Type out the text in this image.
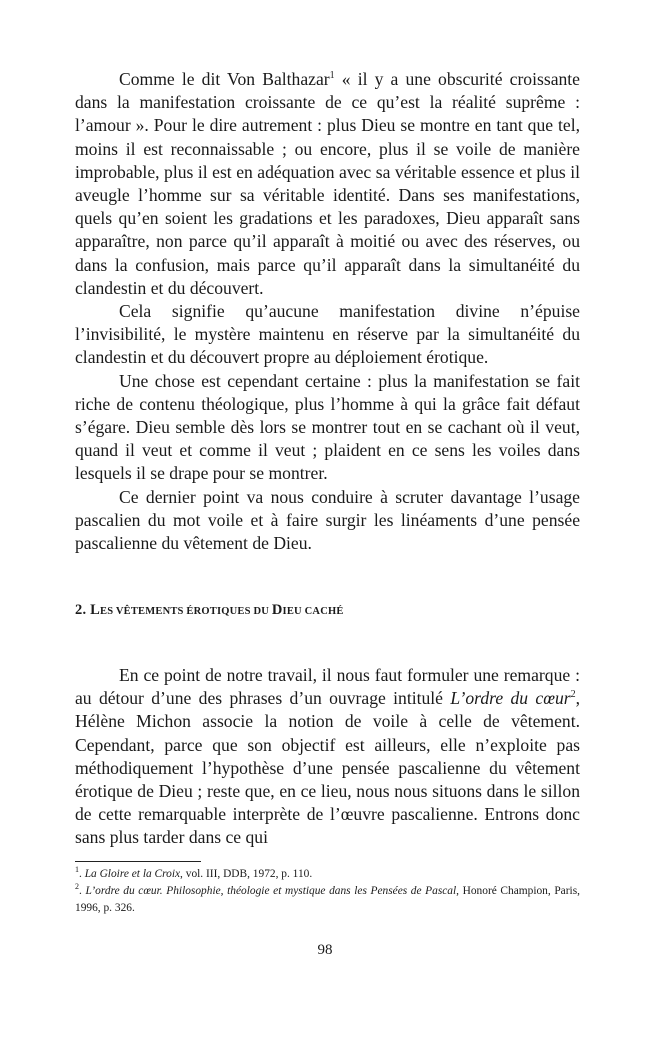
Comme le dit Von Balthazar$^1$ « il y a une obscurité croissante dans la manifestation croissante de ce qu’est la réalité suprême : l’amour ». Pour le dire autrement : plus Dieu se montre en tant que tel, moins il est reconnaissable ; ou encore, plus il se voile de manière improbable, plus il est en adéquation avec sa véritable essence et plus il aveugle l’homme sur sa véritable identité. Dans ses manifestations, quels qu’en soient les gradations et les paradoxes, Dieu apparaît sans apparaître, non parce qu’il apparaît à moitié ou avec des réserves, ou dans la confusion, mais parce qu’il apparaît dans la simultanéité du clandestin et du découvert.

Cela signifie qu’aucune manifestation divine n’épuise l’invisibilité, le mystère maintenu en réserve par la simultanéité du clandestin et du découvert propre au déploiement érotique.

Une chose est cependant certaine : plus la manifestation se fait riche de contenu théologique, plus l’homme à qui la grâce fait défaut s’égare. Dieu semble dès lors se montrer tout en se cachant où il veut, quand il veut et comme il veut ; plaident en ce sens les voiles dans lesquels il se drape pour se montrer.

Ce dernier point va nous conduire à scruter davantage l’usage pascalien du mot voile et à faire surgir les linéaments d’une pensée pascalienne du vêtement de Dieu.

2. LES VÊTEMENTS ÉROTIQUES DU DIEU CACHÉ

En ce point de notre travail, il nous faut formuler une remarque : au détour d’une des phrases d’un ouvrage intitulé L’ordre du cœur$^2$, Hélène Michon associe la notion de voile à celle de vêtement. Cependant, parce que son objectif est ailleurs, elle n’exploite pas méthodiquement l’hypothèse d’une pensée pascalienne du vêtement érotique de Dieu ; reste que, en ce lieu, nous nous situons dans le sillon de cette remarquable interprète de l’œuvre pascalienne. Entrons donc sans plus tarder dans ce qui

$^1$. La Gloire et la Croix, vol. III, DDB, 1972, p. 110.

$^2$. L’ordre du cœur. Philosophie, théologie et mystique dans les Pensées de Pascal, Honoré Champion, Paris, 1996, p. 326.

98
